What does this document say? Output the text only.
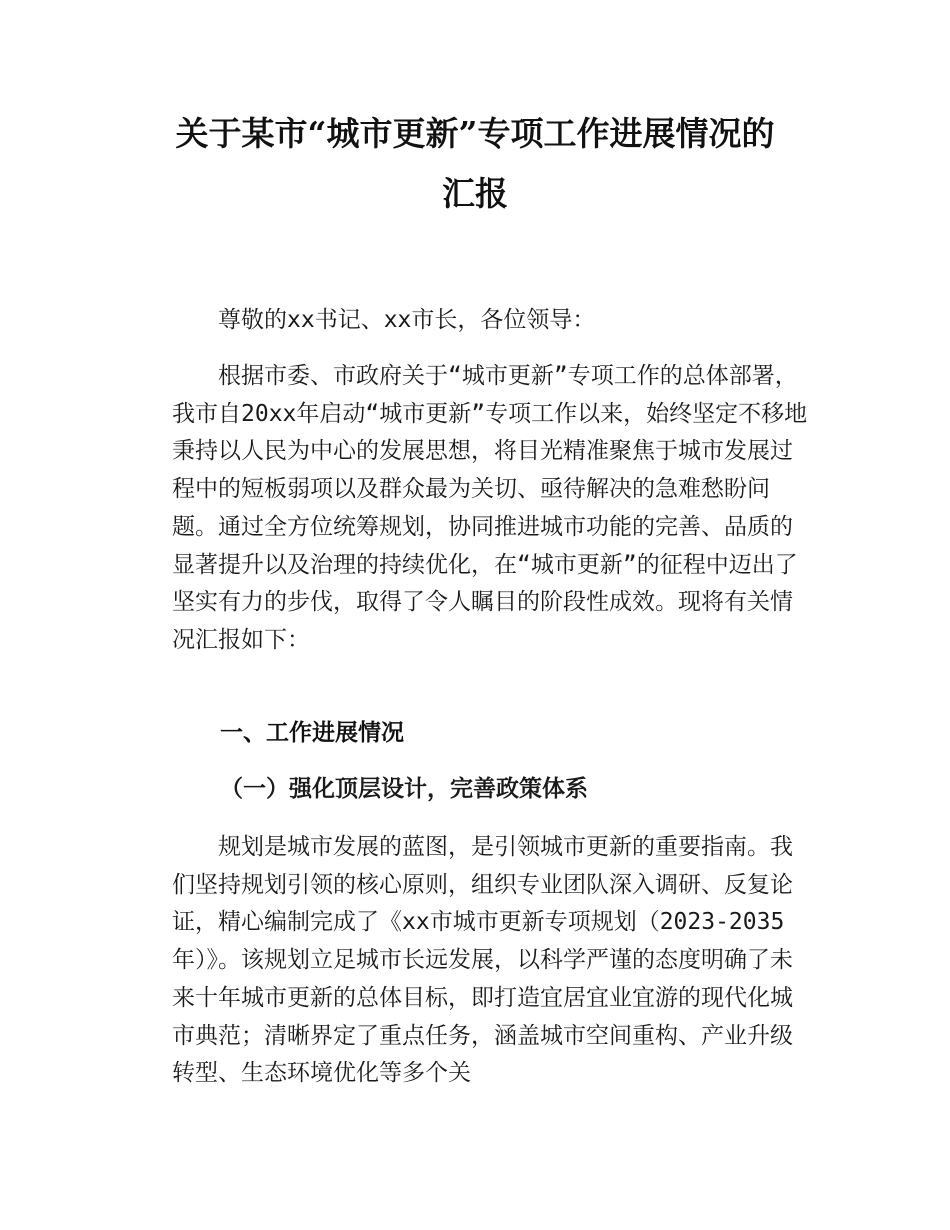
关于某市“城市更新”专项工作进展情况的
汇报

尊敬的xx书记、xx市长，各位领导：

根据市委、市政府关于“城市更新”专项工作的总体部署，我市自20xx年启动“城市更新”专项工作以来，始终坚定不移地秉持以人民为中心的发展思想，将目光精准聚焦于城市发展过程中的短板弱项以及群众最为关切、亟待解决的急难愁盼问题。通过全方位统筹规划，协同推进城市功能的完善、品质的显著提升以及治理的持续优化，在“城市更新”的征程中迈出了坚实有力的步伐，取得了令人瞩目的阶段性成效。现将有关情况汇报如下：

一、工作进展情况
（一）强化顶层设计，完善政策体系

规划是城市发展的蓝图，是引领城市更新的重要指南。我们坚持规划引领的核心原则，组织专业团队深入调研、反复论证，精心编制完成了《xx市城市更新专项规划（2023-2035年）》。该规划立足城市长远发展，以科学严谨的态度明确了未来十年城市更新的总体目标，即打造宜居宜业宜游的现代化城市典范；清晰界定了重点任务，涵盖城市空间重构、产业升级转型、生态环境优化等多个关
